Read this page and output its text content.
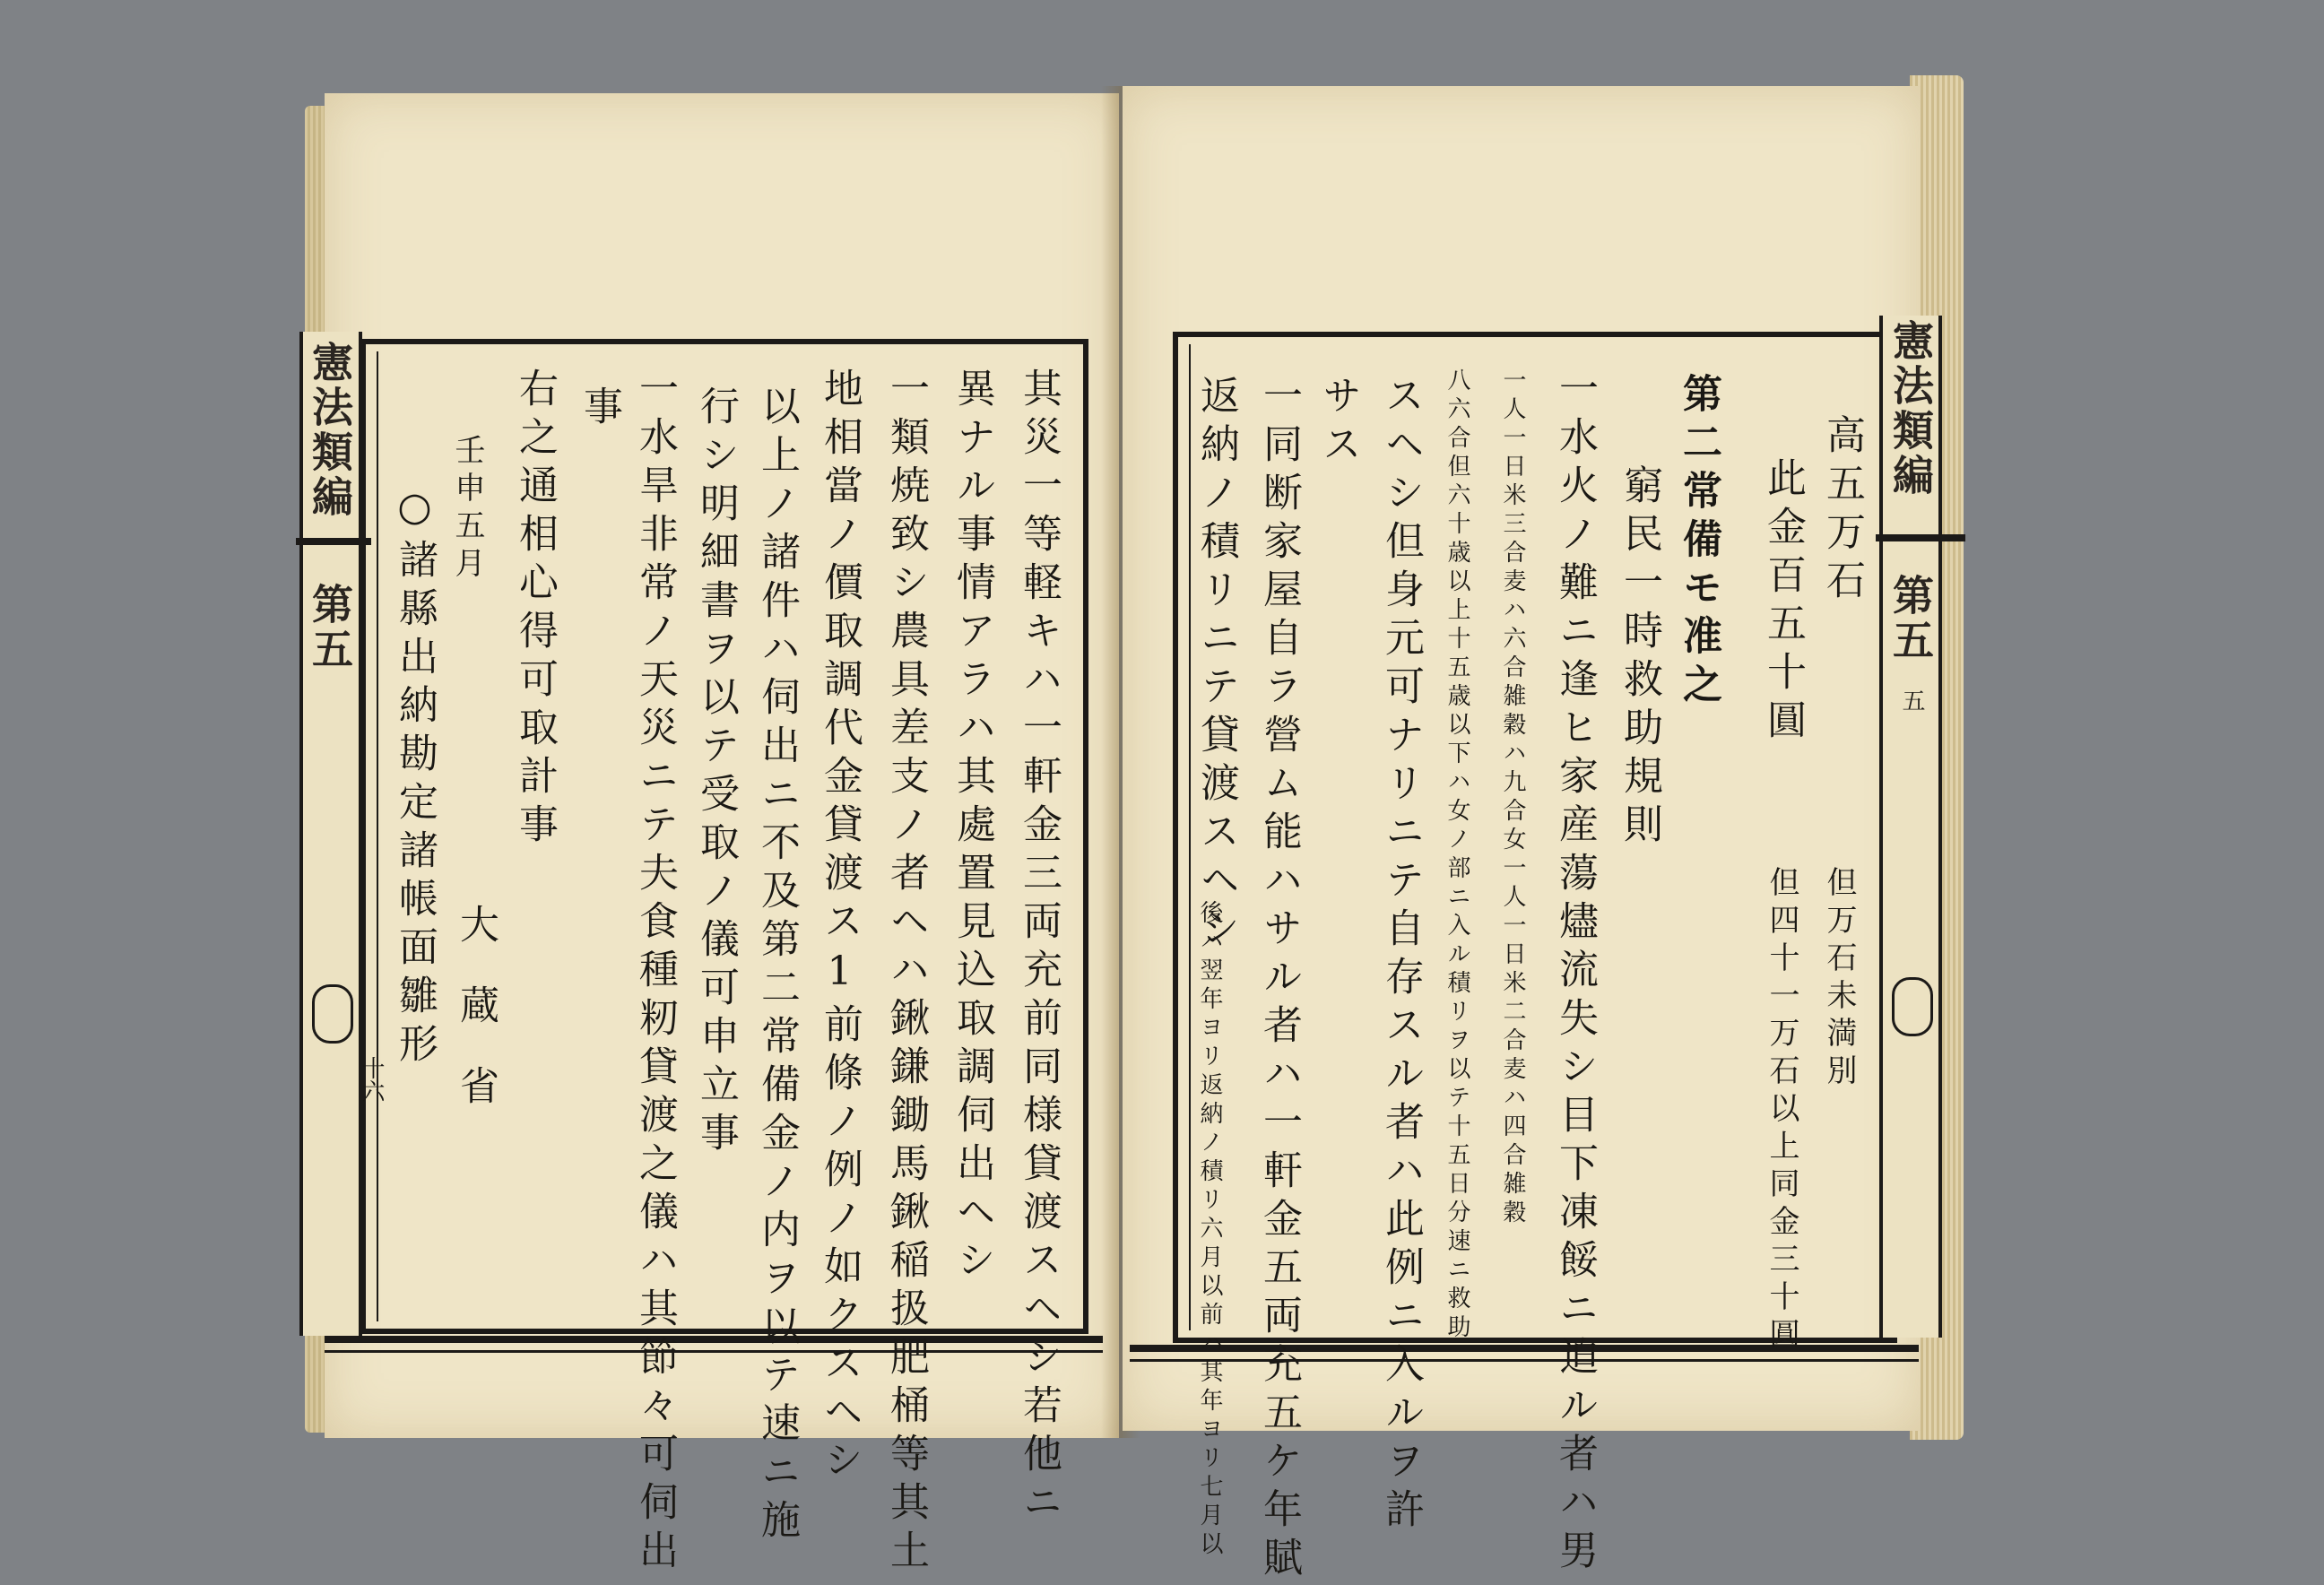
憲法類編
第五
十六	其災一等軽キハ一軒金三両充前同様貸渡スヘシ若他ニ
異ナル事情アラハ其處置見込取調伺出ヘシ
一類焼致シ農具差支ノ者ヘハ鍬鎌鋤馬鍬稲扱肥桶等其土
地相當ノ價取調代金貸渡ス1前條ノ例ノ如クスヘシ
以上ノ諸件ハ伺出ニ不及第二常備金ノ内ヲ以テ速ニ施
行シ明細書ヲ以テ受取ノ儀可申立事
一水旱非常ノ天災ニテ夫食種籾貸渡之儀ハ其節々可伺出
事
右之通相心得可取計事
壬申五月
大
蔵
省
○諸縣出納勘定諸帳面雛形
憲法類編
第五
五
高五万石
此金百五十圓
但万石未満別
但四十一万石以上同金三十圓
第二常備モ准之
窮民一時救助規則
一水火ノ難ニ逢ヒ家産蕩燼流失シ目下凍餒ニ迫ル者ハ男
一人一日米三合麦ハ六合雑穀ハ九合女一人一日米二合麦ハ四合雑穀
八六合但六十歳以上十五歳以下ハ女ノ部ニ入ル積リヲ以テ十五日分速ニ救助
スヘシ但身元可ナリニテ自存スル者ハ此例ニ入ルヲ許
サス
一同断家屋自ラ營ム能ハサル者ハ一軒金五両充五ケ年賦
返納ノ積リニテ貸渡スヘシ
後ハ翌年ヨリ返納ノ積リ六月以前ハ其年ヨリ七月以
